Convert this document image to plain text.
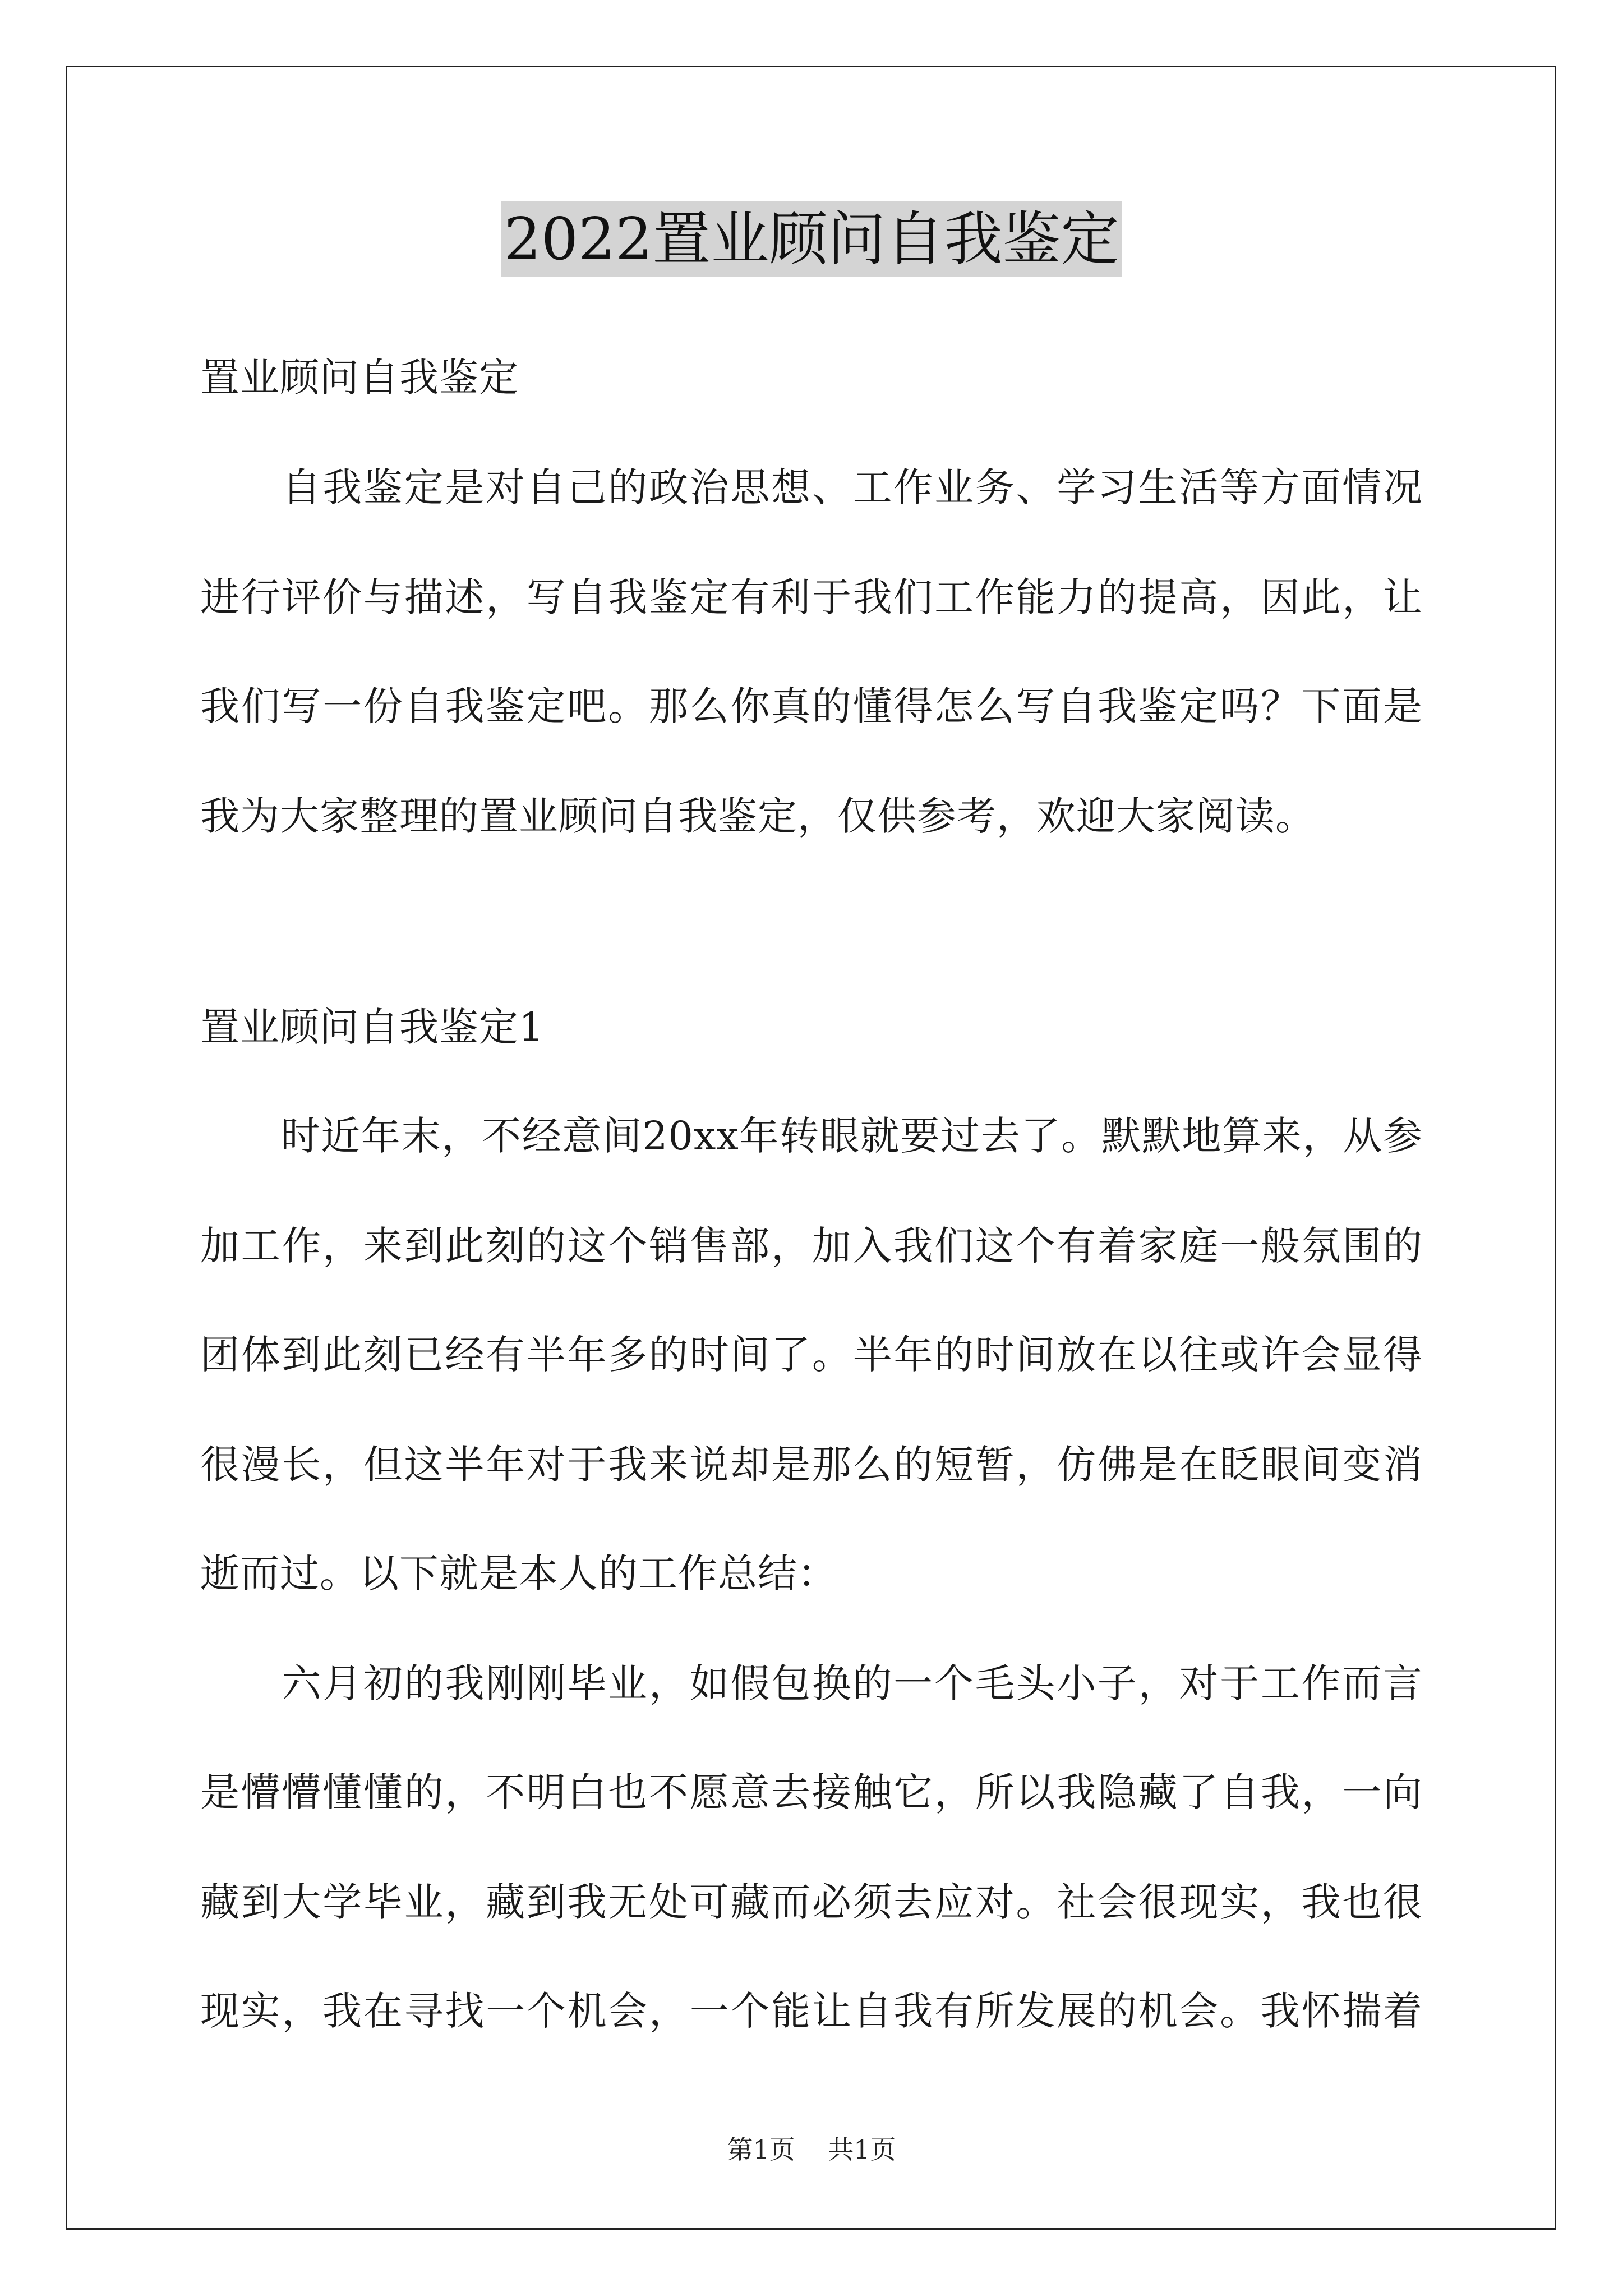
2022置业顾问自我鉴定
置业顾问自我鉴定
　　自我鉴定是对自己的政治思想、工作业务、学习生活等方面情况
进行评价与描述，写自我鉴定有利于我们工作能力的提高，因此，让
我们写一份自我鉴定吧。那么你真的懂得怎么写自我鉴定吗？下面是
我为大家整理的置业顾问自我鉴定，仅供参考，欢迎大家阅读。
置业顾问自我鉴定1
　　时近年末，不经意间20xx年转眼就要过去了。默默地算来，从参
加工作，来到此刻的这个销售部，加入我们这个有着家庭一般氛围的
团体到此刻已经有半年多的时间了。半年的时间放在以往或许会显得
很漫长，但这半年对于我来说却是那么的短暂，仿佛是在眨眼间变消
逝而过。以下就是本人的工作总结：
　　六月初的我刚刚毕业，如假包换的一个毛头小子，对于工作而言
是懵懵懂懂的，不明白也不愿意去接触它，所以我隐藏了自我，一向
藏到大学毕业，藏到我无处可藏而必须去应对。社会很现实，我也很
现实，我在寻找一个机会，一个能让自我有所发展的机会。我怀揣着
第1页 共1页
